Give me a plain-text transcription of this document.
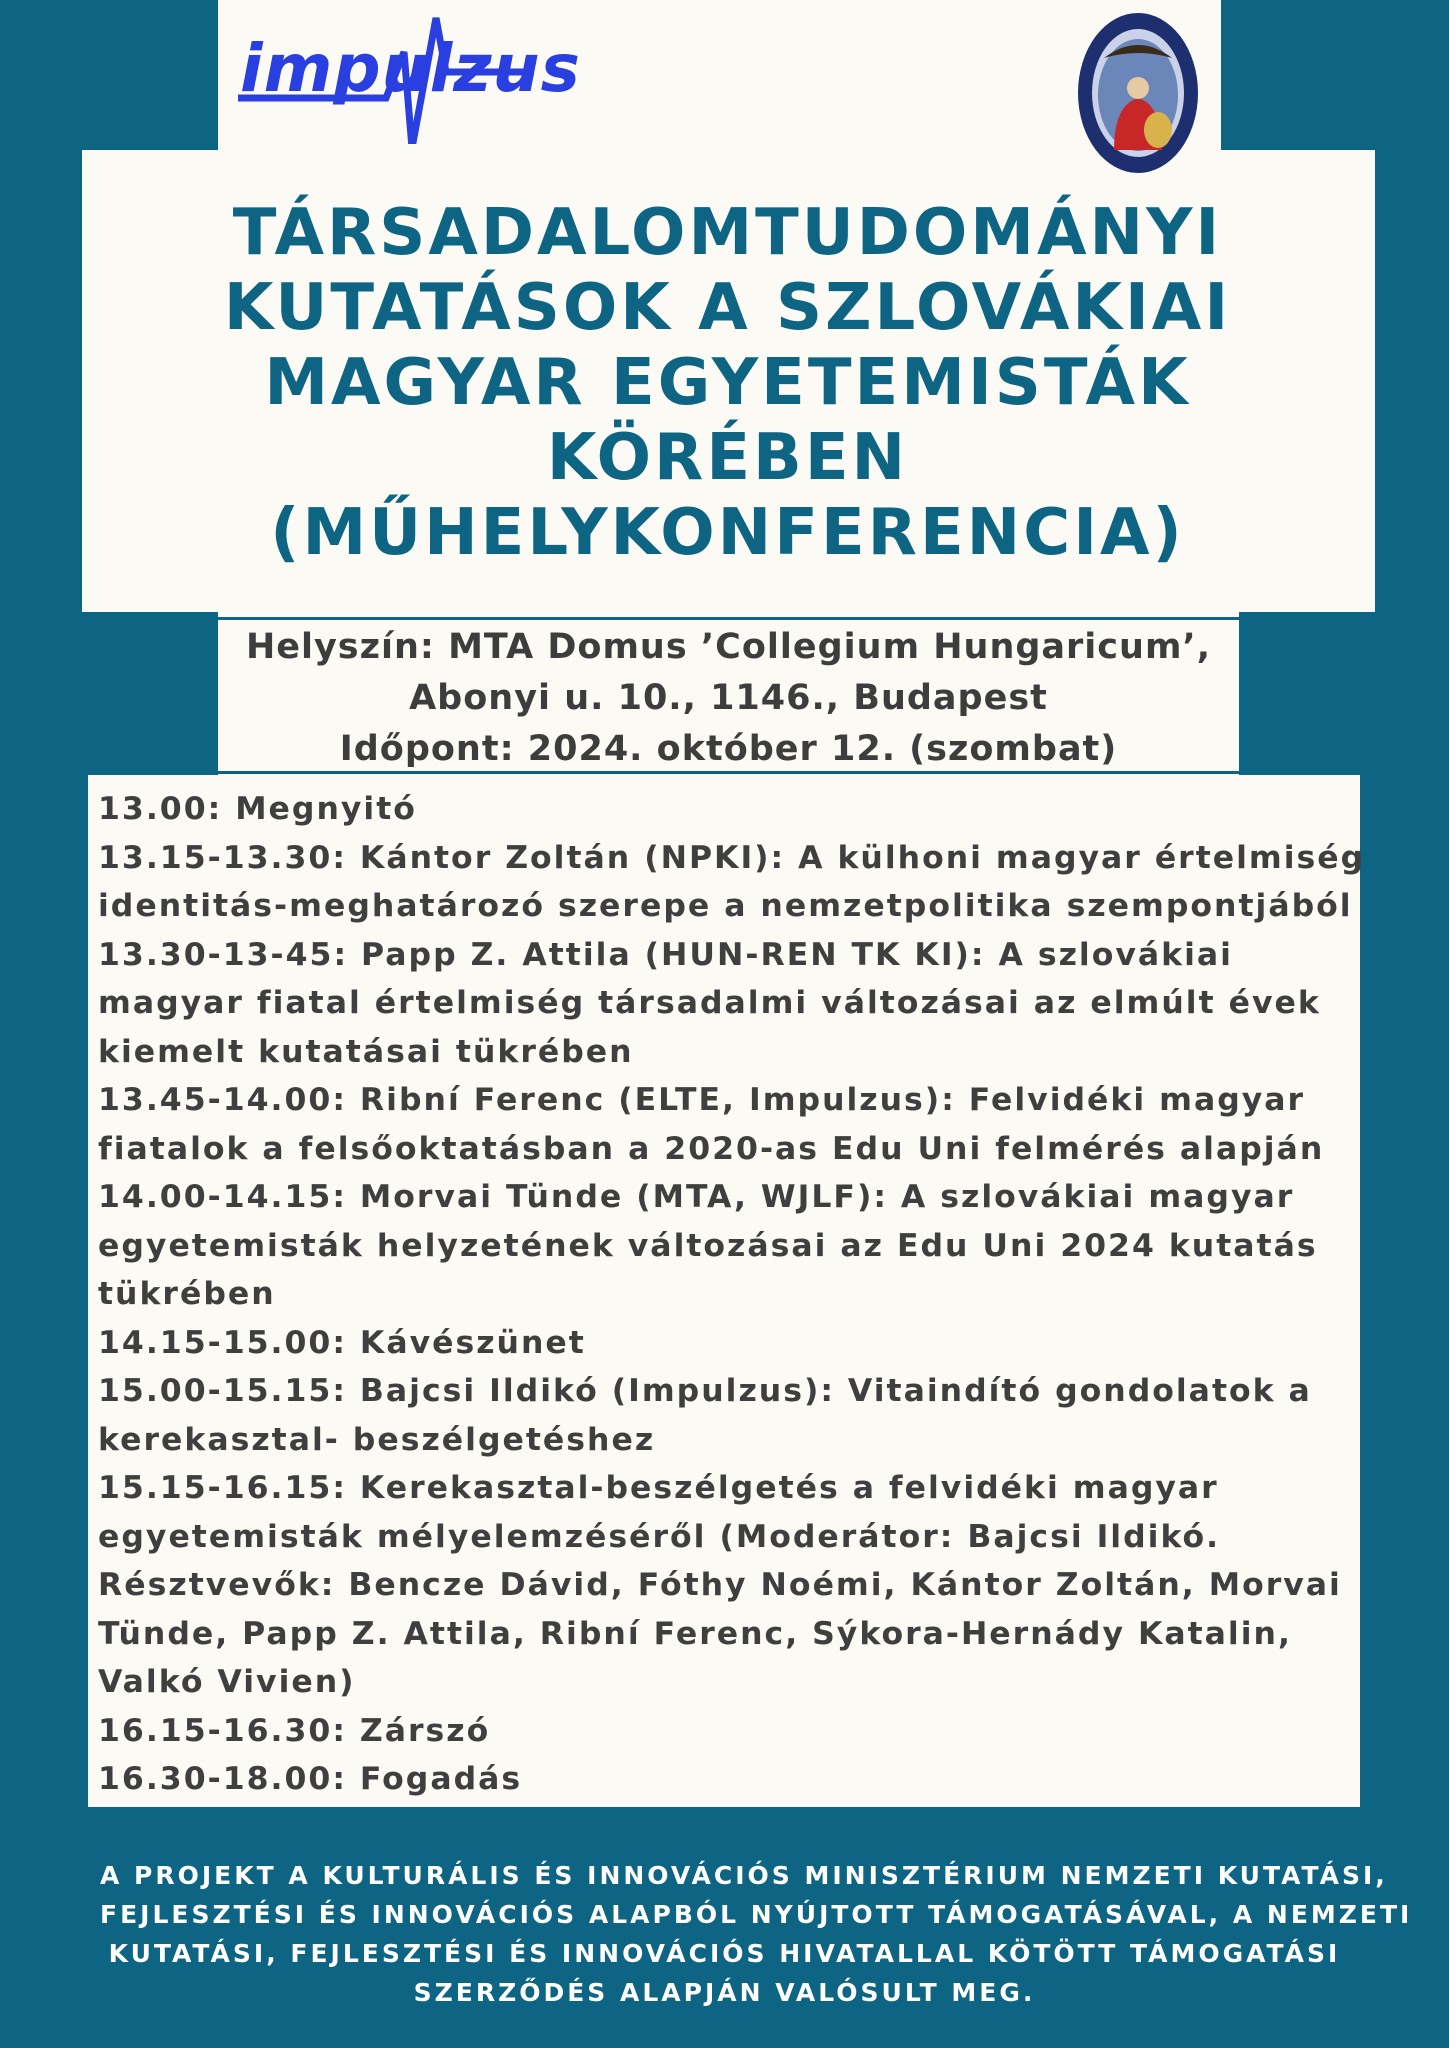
impulzus
TÁRSADALOMTUDOMÁNYI
KUTATÁSOK A SZLOVÁKIAI
MAGYAR EGYETEMISTÁK
KÖRÉBEN
(MŰHELYKONFERENCIA)
Helyszín: MTA Domus ’Collegium Hungaricum’,
Abonyi u. 10., 1146., Budapest
Időpont: 2024. október 12. (szombat)
13.00: Megnyitó
13.15-13.30: Kántor Zoltán (NPKI): A külhoni magyar értelmiség
identitás-meghatározó szerepe a nemzetpolitika szempontjából
13.30-13-45: Papp Z. Attila (HUN-REN TK KI): A szlovákiai
magyar fiatal értelmiség társadalmi változásai az elmúlt évek
kiemelt kutatásai tükrében
13.45-14.00: Ribní Ferenc (ELTE, Impulzus): Felvidéki magyar
fiatalok a felsőoktatásban a 2020-as Edu Uni felmérés alapján
14.00-14.15: Morvai Tünde (MTA, WJLF): A szlovákiai magyar
egyetemisták helyzetének változásai az Edu Uni 2024 kutatás
tükrében
14.15-15.00: Kávészünet
15.00-15.15: Bajcsi Ildikó (Impulzus): Vitaindító gondolatok a
kerekasztal- beszélgetéshez
15.15-16.15: Kerekasztal-beszélgetés a felvidéki magyar
egyetemisták mélyelemzéséről (Moderátor: Bajcsi Ildikó.
Résztvevők: Bencze Dávid, Fóthy Noémi, Kántor Zoltán, Morvai
Tünde, Papp Z. Attila, Ribní Ferenc, Sýkora-Hernády Katalin,
Valkó Vivien)
16.15-16.30: Zárszó
16.30-18.00: Fogadás
A PROJEKT A KULTURÁLIS ÉS INNOVÁCIÓS MINISZTÉRIUM NEMZETI KUTATÁSI,
FEJLESZTÉSI ÉS INNOVÁCIÓS ALAPBÓL NYÚJTOTT TÁMOGATÁSÁVAL, A NEMZETI
KUTATÁSI, FEJLESZTÉSI ÉS INNOVÁCIÓS HIVATALLAL KÖTÖTT TÁMOGATÁSI
SZERZŐDÉS ALAPJÁN VALÓSULT MEG.
